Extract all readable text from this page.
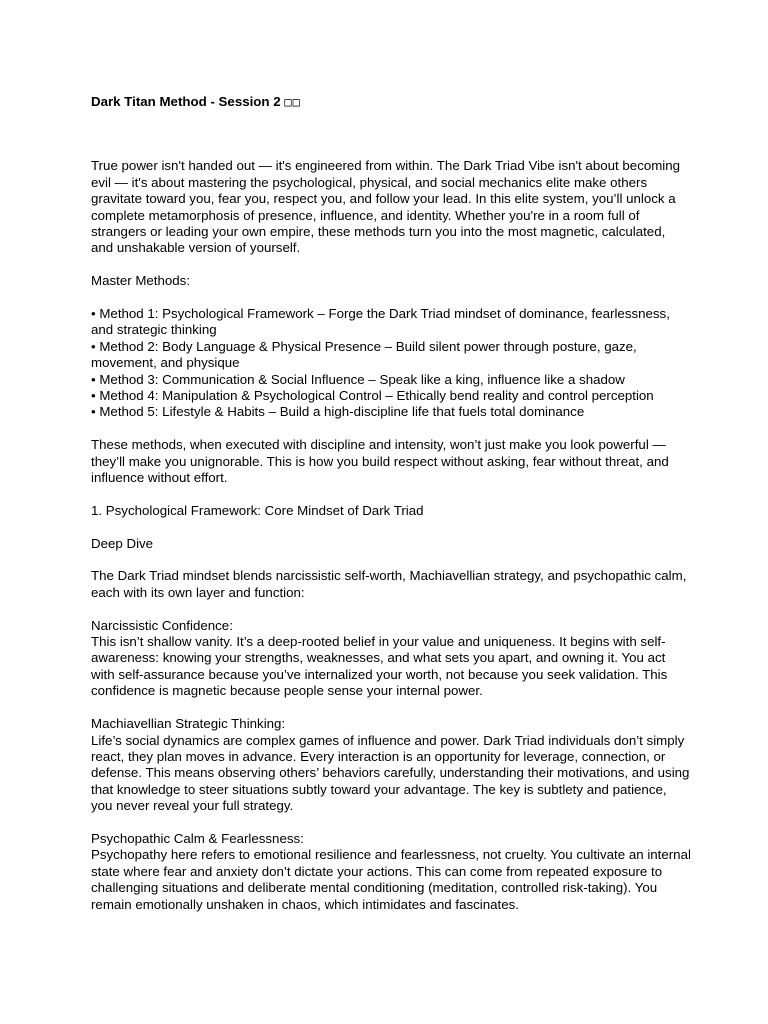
Dark Titan Method - Session 2 □□

True power isn't handed out — it's engineered from within. The Dark Triad Vibe isn't about becoming evil — it's about mastering the psychological, physical, and social mechanics elite make others gravitate toward you, fear you, respect you, and follow your lead. In this elite system, you’ll unlock a complete metamorphosis of presence, influence, and identity. Whether you're in a room full of strangers or leading your own empire, these methods turn you into the most magnetic, calculated, and unshakable version of yourself.

Master Methods:

• Method 1: Psychological Framework – Forge the Dark Triad mindset of dominance, fearlessness, and strategic thinking
• Method 2: Body Language & Physical Presence – Build silent power through posture, gaze, movement, and physique
• Method 3: Communication & Social Influence – Speak like a king, influence like a shadow
• Method 4: Manipulation & Psychological Control – Ethically bend reality and control perception
• Method 5: Lifestyle & Habits – Build a high-discipline life that fuels total dominance

These methods, when executed with discipline and intensity, won’t just make you look powerful — they’ll make you unignorable. This is how you build respect without asking, fear without threat, and influence without effort.

1. Psychological Framework: Core Mindset of Dark Triad

Deep Dive

The Dark Triad mindset blends narcissistic self-worth, Machiavellian strategy, and psychopathic calm, each with its own layer and function:

Narcissistic Confidence:

This isn’t shallow vanity. It’s a deep-rooted belief in your value and uniqueness. It begins with self-awareness: knowing your strengths, weaknesses, and what sets you apart, and owning it. You act with self-assurance because you’ve internalized your worth, not because you seek validation. This confidence is magnetic because people sense your internal power.

Machiavellian Strategic Thinking:

Life’s social dynamics are complex games of influence and power. Dark Triad individuals don’t simply react, they plan moves in advance. Every interaction is an opportunity for leverage, connection, or defense. This means observing others’ behaviors carefully, understanding their motivations, and using that knowledge to steer situations subtly toward your advantage. The key is subtlety and patience, you never reveal your full strategy.

Psychopathic Calm & Fearlessness:

Psychopathy here refers to emotional resilience and fearlessness, not cruelty. You cultivate an internal state where fear and anxiety don’t dictate your actions. This can come from repeated exposure to challenging situations and deliberate mental conditioning (meditation, controlled risk-taking). You remain emotionally unshaken in chaos, which intimidates and fascinates.
